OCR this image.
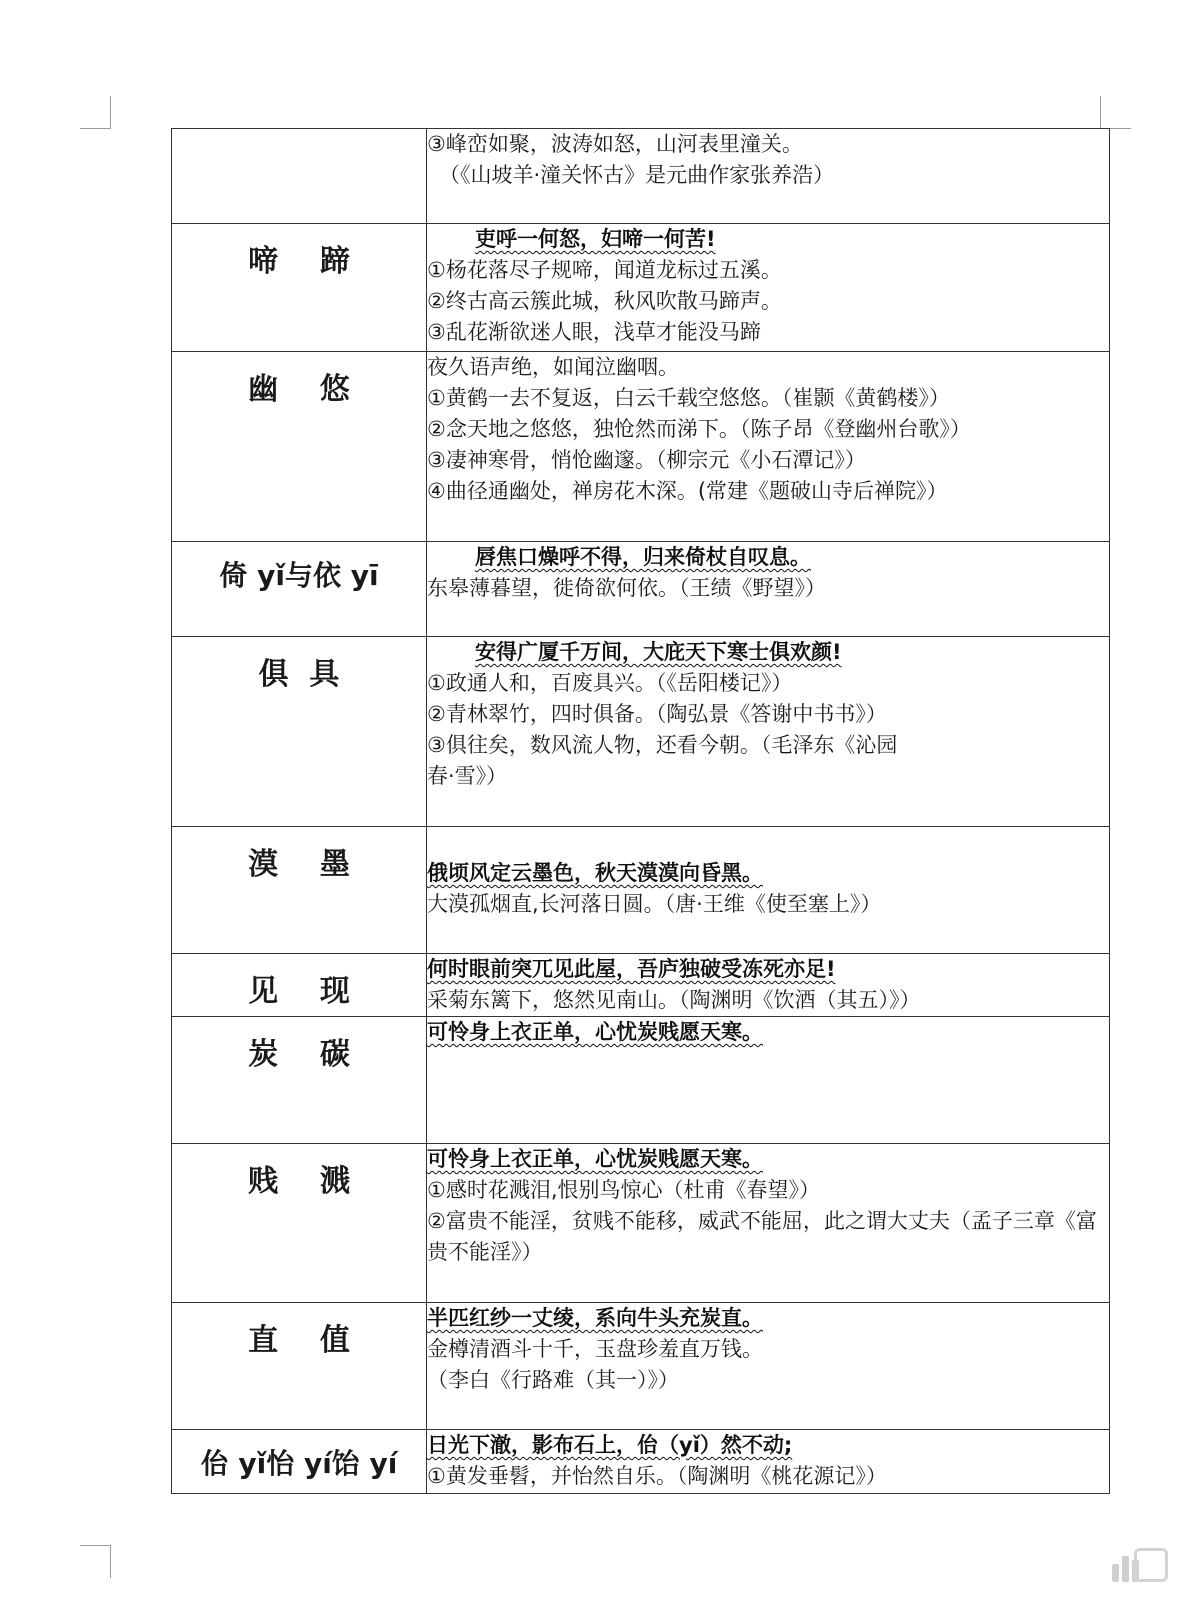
	③峰峦如聚，波涛如怒，山河表里潼关。
（《山坡羊·潼关怀古》是元曲作家张养浩）

啼    蹄	吏呼一何怒，妇啼一何苦!
①杨花落尽子规啼，闻道龙标过五溪。
②终古高云簇此城，秋风吹散马蹄声。
③乱花渐欲迷人眼，浅草才能没马蹄

幽    悠	夜久语声绝，如闻泣幽咽。
①黄鹤一去不复返，白云千载空悠悠。（崔颢《黄鹤楼》）
②念天地之悠悠，独怆然而涕下。（陈子昂《登幽州台歌》）
③凄神寒骨，悄怆幽邃。（柳宗元《小石潭记》）
④曲径通幽处，禅房花木深。(常建《题破山寺后禅院》）

倚 yǐ与依 yī	唇焦口燥呼不得，归来倚杖自叹息。
东皋薄暮望，徙倚欲何依。（王绩《野望》）

俱  具	安得广厦千万间，大庇天下寒士俱欢颜!
①政通人和，百废具兴。（《岳阳楼记》）
②青林翠竹，四时俱备。（陶弘景《答谢中书书》）
③俱往矣，数风流人物，还看今朝。（毛泽东《沁园
春·雪》）

漠    墨	俄顷风定云墨色，秋天漠漠向昏黑。
大漠孤烟直,长河落日圆。（唐·王维《使至塞上》）

见    现	何时眼前突兀见此屋，吾庐独破受冻死亦足!
采菊东篱下，悠然见南山。（陶渊明《饮酒（其五）》）

炭    碳	可怜身上衣正单，心忧炭贱愿天寒。

贱    溅	可怜身上衣正单，心忧炭贱愿天寒。
①感时花溅泪,恨别鸟惊心（杜甫《春望》）
②富贵不能淫，贫贱不能移，威武不能屈，此之谓大丈夫（孟子三章《富贵不能淫》）

直    值	半匹红纱一丈绫，系向牛头充炭直。
金樽清酒斗十千，玉盘珍羞直万钱。
（李白《行路难（其一）》）

佁 yǐ怡 yí饴 yí	日光下澈，影布石上，佁（yǐ）然不动;
①黄发垂髫，并怡然自乐。（陶渊明《桃花源记》）
